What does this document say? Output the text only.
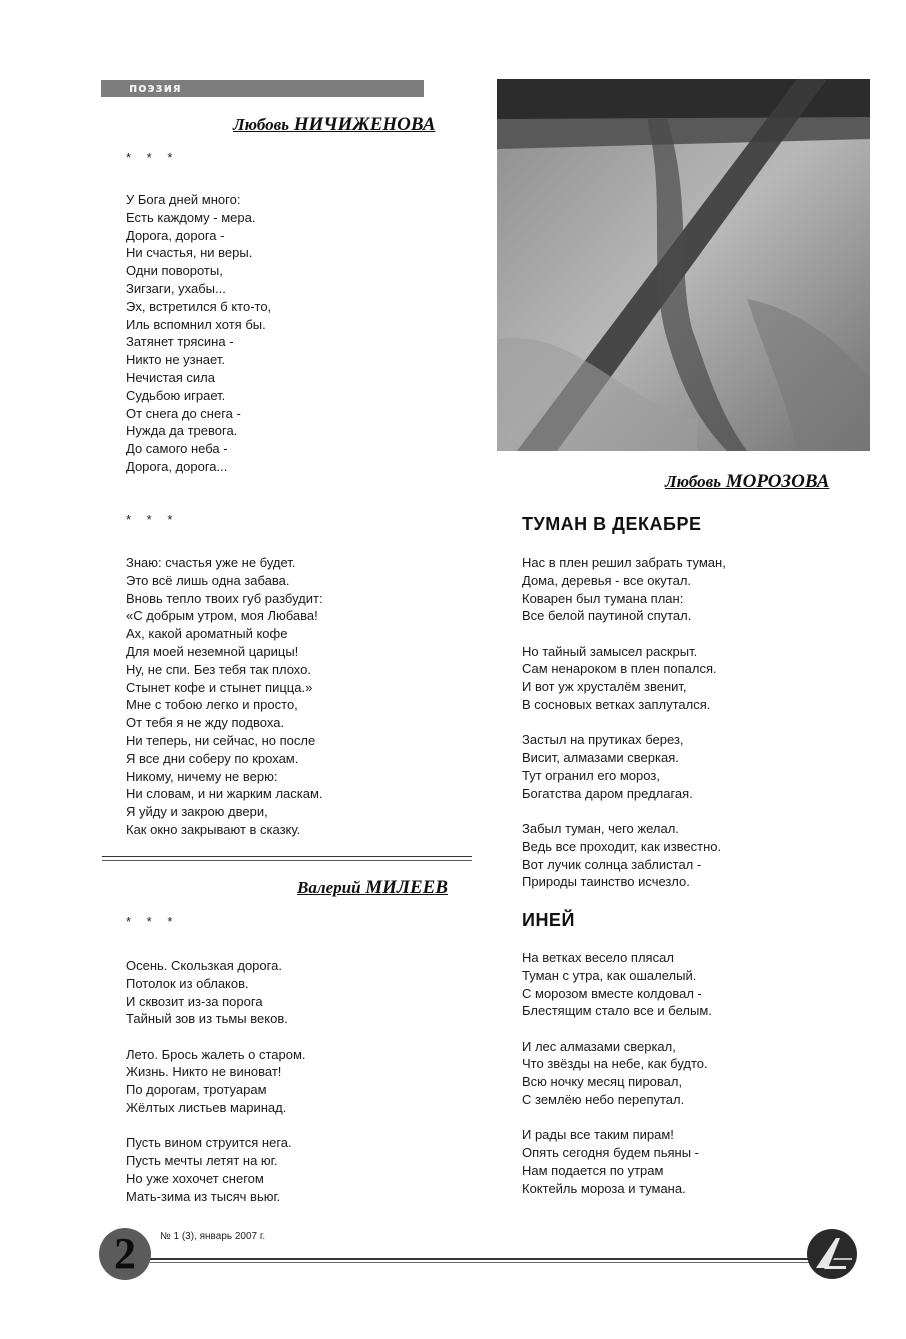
поэзия
Любовь НИЧИЖЕНОВА
* * *
У Бога дней много:
Есть каждому - мера.
Дорога, дорога -
Ни счастья, ни веры.
Одни повороты,
Зигзаги, ухабы...
Эх, встретился б кто-то,
Иль вспомнил хотя бы.
Затянет трясина -
Никто не узнает.
Нечистая сила
Судьбою играет.
От снега до снега -
Нужда да тревога.
До самого неба -
Дорога, дорога...
* * *
Знаю: счастья уже не будет.
Это всё лишь одна забава.
Вновь тепло твоих губ разбудит:
«С добрым утром, моя Любава!
Ах, какой ароматный кофе
Для моей неземной царицы!
Ну, не спи. Без тебя так плохо.
Стынет кофе и стынет пицца.»
Мне с тобою легко и просто,
От тебя я не жду подвоха.
Ни теперь, ни сейчас, но после
Я все дни соберу по крохам.
Никому, ничему не верю:
Ни словам, и ни жарким ласкам.
Я уйду и закрою двери,
Как окно закрывают в сказку.
Валерий МИЛЕЕВ
* * *
Осень. Скользкая дорога.
Потолок из облаков.
И сквозит из-за порога
Тайный зов из тьмы веков.
Лето. Брось жалеть о старом.
Жизнь. Никто не виноват!
По дорогам, тротуарам
Жёлтых листьев маринад.
Пусть вином струится нега.
Пусть мечты летят на юг.
Но уже хохочет снегом
Мать-зима из тысяч вьюг.
Любовь МОРОЗОВА
ТУМАН В ДЕКАБРЕ
Нас в плен решил забрать туман,
Дома, деревья - все окутал.
Коварен был тумана план:
Все белой паутиной спутал.
Но тайный замысел раскрыт.
Сам ненароком в плен попался.
И вот уж хрусталём звенит,
В сосновых ветках заплутался.
Застыл на прутиках берез,
Висит, алмазами сверкая.
Тут огранил его мороз,
Богатства даром предлагая.
Забыл туман, чего желал.
Ведь все проходит, как известно.
Вот лучик солнца заблистал -
Природы таинство исчезло.
ИНЕЙ
На ветках весело плясал
Туман с утра, как ошалелый.
С морозом вместе колдовал -
Блестящим стало все и белым.
И лес алмазами сверкал,
Что звёзды на небе, как будто.
Всю ночку месяц пировал,
С землёю небо перепутал.
И рады все таким пирам!
Опять сегодня будем пьяны -
Нам подается по утрам
Коктейль мороза и тумана.
2	№ 1 (3), январь 2007 г.
